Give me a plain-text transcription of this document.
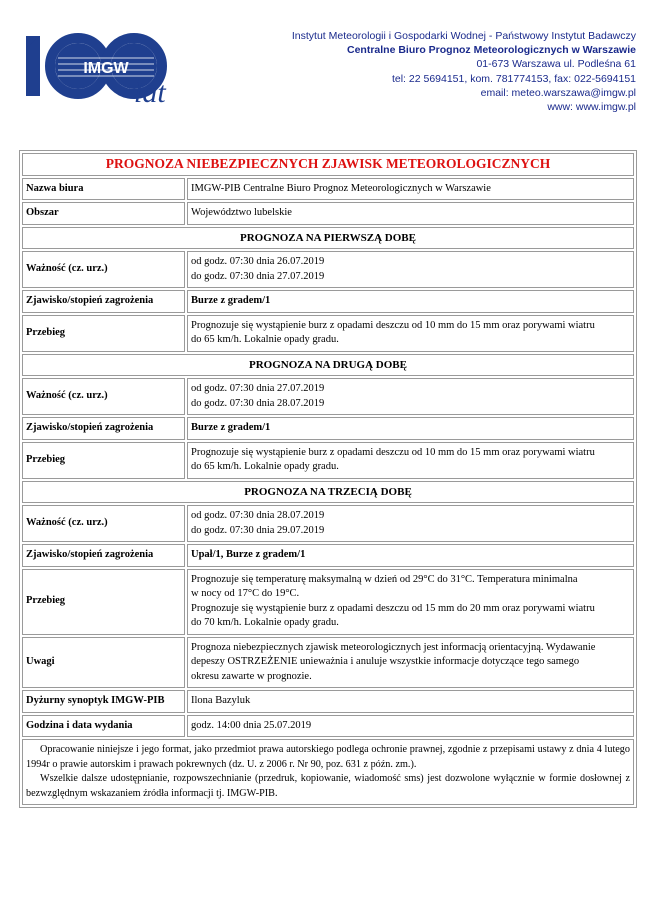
IMGW
lat
Instytut Meteorologii i Gospodarki Wodnej - Państwowy Instytut Badawczy
Centralne Biuro Prognoz Meteorologicznych w Warszawie
01-673 Warszawa ul. Podleśna 61
tel: 22 5694151, kom. 781774153, fax: 022-5694151
email: meteo.warszawa@imgw.pl
www: www.imgw.pl
PROGNOZA NIEBEZPIECZNYCH ZJAWISK METEOROLOGICZNYCH	
Nazwa biura	IMGW-PIB Centralne Biuro Prognoz Meteorologicznych w Warszawie
Obszar	Województwo lubelskie
PROGNOZA NA PIERWSZĄ DOBĘ	
Ważność (cz. urz.)	od godz. 07:30 dnia 26.07.2019
do godz. 07:30 dnia 27.07.2019

Zjawisko/stopień zagrożenia	Burze z gradem/1
Przebieg	Prognozuje się wystąpienie burz z opadami deszczu od 10 mm do 15 mm oraz porywami wiatru
do 65 km/h. Lokalnie opady gradu.

PROGNOZA NA DRUGĄ DOBĘ	
Ważność (cz. urz.)	od godz. 07:30 dnia 27.07.2019
do godz. 07:30 dnia 28.07.2019

Zjawisko/stopień zagrożenia	Burze z gradem/1
Przebieg	Prognozuje się wystąpienie burz z opadami deszczu od 10 mm do 15 mm oraz porywami wiatru
do 65 km/h. Lokalnie opady gradu.

PROGNOZA NA TRZECIĄ DOBĘ	
Ważność (cz. urz.)	od godz. 07:30 dnia 28.07.2019
do godz. 07:30 dnia 29.07.2019

Zjawisko/stopień zagrożenia	Upał/1, Burze z gradem/1
Przebieg	Prognozuje się temperaturę maksymalną w dzień od 29°C do 31°C. Temperatura minimalna
w nocy od 17°C do 19°C.
Prognozuje się wystąpienie burz z opadami deszczu od 15 mm do 20 mm oraz porywami wiatru
do 70 km/h. Lokalnie opady gradu.

Uwagi	Prognoza niebezpiecznych zjawisk meteorologicznych jest informacją orientacyjną. Wydawanie
depeszy OSTRZEŻENIE unieważnia i anuluje wszystkie informacje dotyczące tego samego
okresu zawarte w prognozie.

Dyżurny synoptyk IMGW-PIB	Ilona Bazyluk
Godzina i data wydania	godz. 14:00 dnia 25.07.2019

Opracowanie niniejsze i jego format, jako przedmiot prawa autorskiego podlega ochronie prawnej, zgodnie z przepisami ustawy z dnia 4 lutego 1994r o prawie autorskim i prawach pokrewnych (dz. U. z 2006 r. Nr 90, poz. 631 z późn. zm.).

Wszelkie dalsze udostępnianie, rozpowszechnianie (przedruk, kopiowanie, wiadomość sms) jest dozwolone wyłącznie w formie dosłownej z bezwzględnym wskazaniem źródła informacji tj. IMGW-PIB.	
